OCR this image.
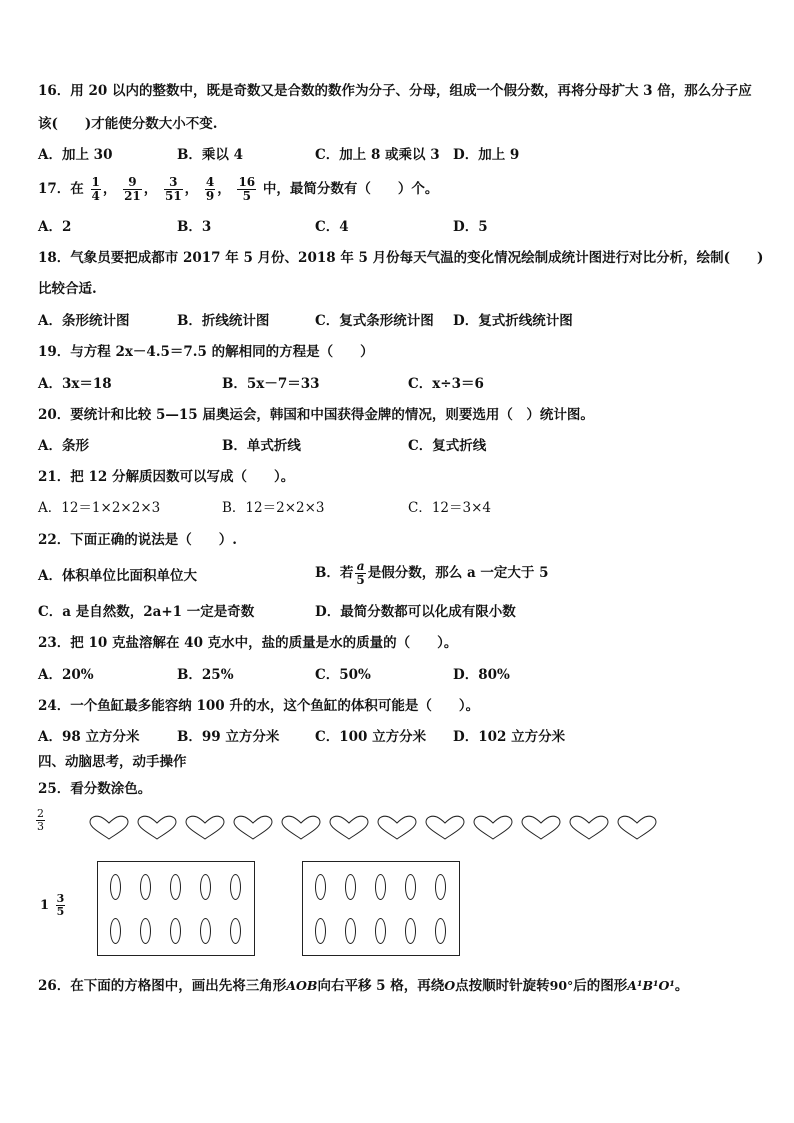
16．用 20 以内的整数中，既是奇数又是合数的数作为分子、分母，组成一个假分数，再将分母扩大 3 倍，那么分子应
该(　　)才能使分数大小不变.
A．加上 30	B．乘以 4	C．加上 8 或乘以 3 D．加上 9
17．在 $\frac{1}{4}$ ， $\frac{9}{21}$ ， $\frac{3}{51}$ ， $\frac{4}{9}$ ， $\frac{16}{5}$ 中，最简分数有（　　）个。
A．2	B．3	C．4	D．5
18．气象员要把成都市 2017 年 5 月份、2018 年 5 月份每天气温的变化情况绘制成统计图进行对比分析，绘制(　　)
比较合适.
A．条形统计图	B．折线统计图	C．复式条形统计图 D．复式折线统计图
19．与方程 2x－4.5＝7.5 的解相同的方程是（　　）
A．3x＝18	B．5x－7＝33	C．x÷3＝6
20．要统计和比较 5—15 届奥运会，韩国和中国获得金牌的情况，则要选用（　）统计图。
A．条形	B．单式折线	C．复式折线
21．把 12 分解质因数可以写成（　　）。
A．12＝1×2×2×3	B．12＝2×2×3	C．12＝3×4
22．下面正确的说法是（　　）.
A．体积单位比面积单位大	B．若 $\frac{a}{5}$ 是假分数，那么 a 一定大于 5
C．a 是自然数，2a+1 一定是奇数	D．最简分数都可以化成有限小数
23．把 10 克盐溶解在 40 克水中，盐的质量是水的质量的（　　）。
A．20%	B．25%	C．50%	D．80%
24．一个鱼缸最多能容纳 100 升的水，这个鱼缸的体积可能是（　　）。
A．98 立方分米	B．99 立方分米	C．100 立方分米 D．102 立方分米
四、动脑思考，动手操作
25．看分数涂色。
$\frac{2}{3}$
$1 \frac{3}{5}$
26．在下面的方格图中，画出先将三角形AOB向右平移 5 格，再绕O点按顺时针旋转90°后的图形A¹B¹O¹。
